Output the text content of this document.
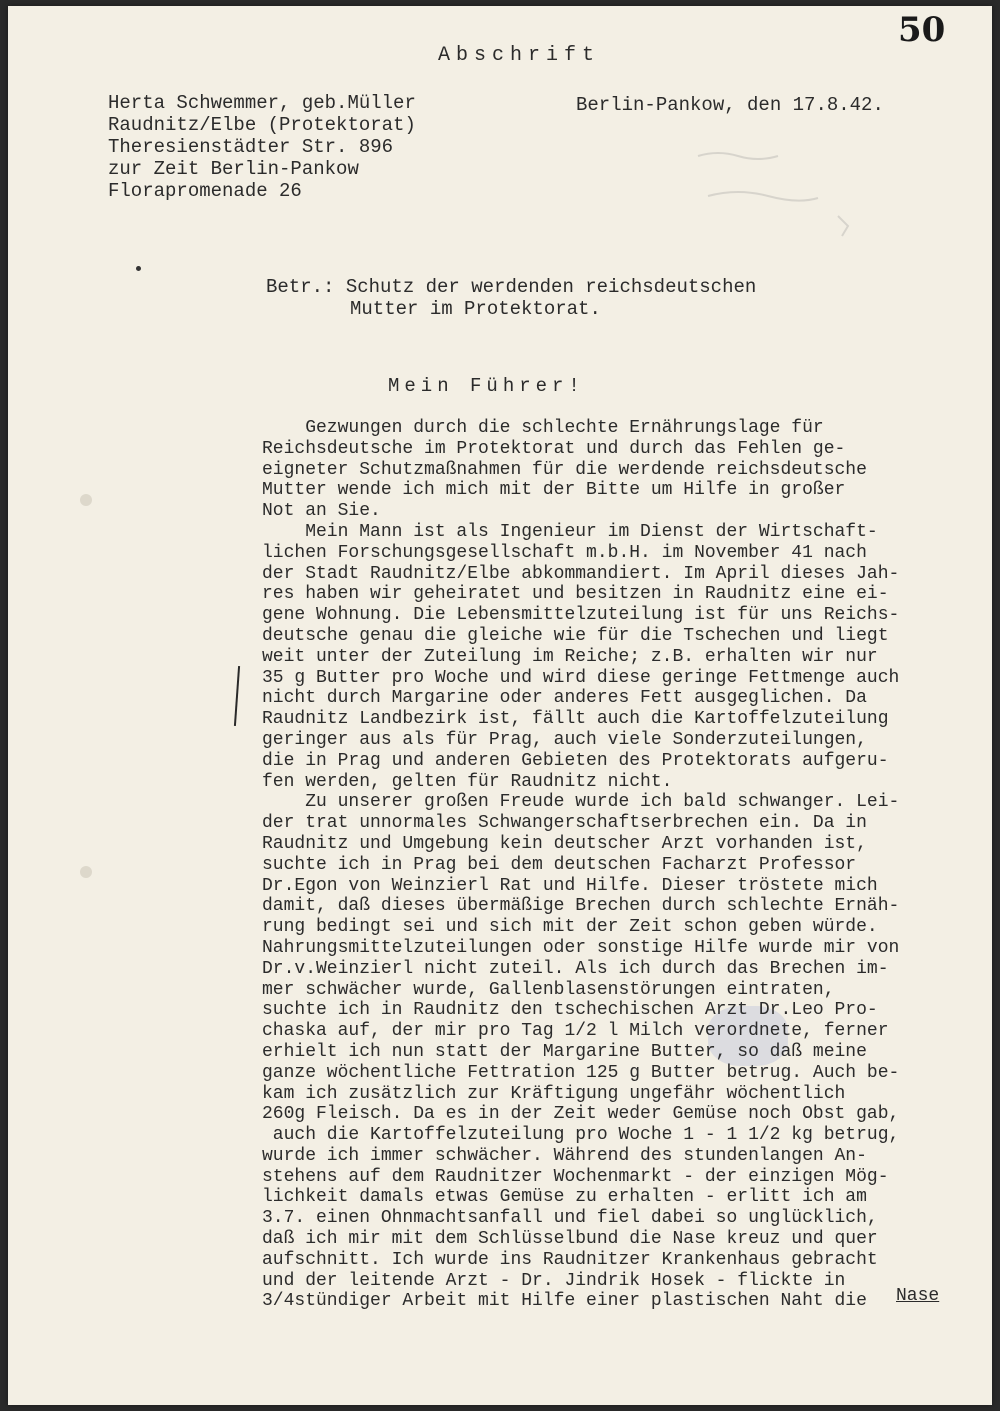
50
Abschrift
Herta Schwemmer, geb.Müller
Raudnitz/Elbe (Protektorat)
Theresienstädter Str. 896
zur Zeit Berlin-Pankow
Florapromenade 26
Berlin-Pankow, den 17.8.42.
Betr.: Schutz der werdenden reichsdeutschen
Mutter im Protektorat.
Mein Führer!
Gezwungen durch die schlechte Ernährungslage für
Reichsdeutsche im Protektorat und durch das Fehlen ge-
eigneter Schutzmaßnahmen für die werdende reichsdeutsche
Mutter wende ich mich mit der Bitte um Hilfe in großer
Not an Sie.
Mein Mann ist als Ingenieur im Dienst der Wirtschaft-
lichen Forschungsgesellschaft m.b.H. im November 41 nach
der Stadt Raudnitz/Elbe abkommandiert. Im April dieses Jah-
res haben wir geheiratet und besitzen in Raudnitz eine ei-
gene Wohnung. Die Lebensmittelzuteilung ist für uns Reichs-
deutsche genau die gleiche wie für die Tschechen und liegt
weit unter der Zuteilung im Reiche; z.B. erhalten wir nur
35 g Butter pro Woche und wird diese geringe Fettmenge auch
nicht durch Margarine oder anderes Fett ausgeglichen. Da
Raudnitz Landbezirk ist, fällt auch die Kartoffelzuteilung
geringer aus als für Prag, auch viele Sonderzuteilungen,
die in Prag und anderen Gebieten des Protektorats aufgeru-
fen werden, gelten für Raudnitz nicht.
Zu unserer großen Freude wurde ich bald schwanger. Lei-
der trat unnormales Schwangerschaftserbrechen ein. Da in
Raudnitz und Umgebung kein deutscher Arzt vorhanden ist,
suchte ich in Prag bei dem deutschen Facharzt Professor
Dr.Egon von Weinzierl Rat und Hilfe. Dieser tröstete mich
damit, daß dieses übermäßige Brechen durch schlechte Ernäh-
rung bedingt sei und sich mit der Zeit schon geben würde.
Nahrungsmittelzuteilungen oder sonstige Hilfe wurde mir von
Dr.v.Weinzierl nicht zuteil. Als ich durch das Brechen im-
mer schwächer wurde, Gallenblasenstörungen eintraten,
suchte ich in Raudnitz den tschechischen Arzt Dr.Leo Pro-
chaska auf, der mir pro Tag 1/2 l Milch verordnete, ferner
erhielt ich nun statt der Margarine Butter, so daß meine
ganze wöchentliche Fettration 125 g Butter betrug. Auch be-
kam ich zusätzlich zur Kräftigung ungefähr wöchentlich
260g Fleisch. Da es in der Zeit weder Gemüse noch Obst gab,
auch die Kartoffelzuteilung pro Woche 1 - 1 1/2 kg betrug,
wurde ich immer schwächer. Während des stundenlangen An-
stehens auf dem Raudnitzer Wochenmarkt - der einzigen Mög-
lichkeit damals etwas Gemüse zu erhalten - erlitt ich am
3.7. einen Ohnmachtsanfall und fiel dabei so unglücklich,
daß ich mir mit dem Schlüsselbund die Nase kreuz und quer
aufschnitt. Ich wurde ins Raudnitzer Krankenhaus gebracht
und der leitende Arzt - Dr. Jindrik Hosek - flickte in
3/4stündiger Arbeit mit Hilfe einer plastischen Naht die	Nase
